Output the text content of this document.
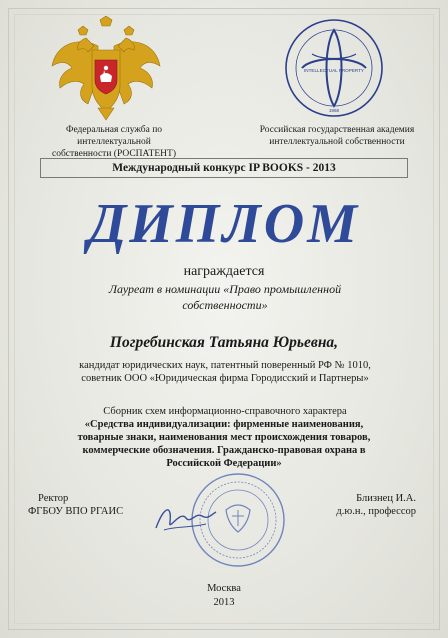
INTELLECTUAL PROPERTY
1968
Федеральная служба по интеллектуальной
собственности (РОСПАТЕНТ)
Российская государственная академия
интеллектуальной собственности
Международный конкурс IP BOOKS - 2013
ДИПЛОМ
награждается
Лауреат в номинации «Право промышленной
собственности»
Погребинская Татьяна Юрьевна,
кандидат юридических наук, патентный поверенный РФ № 1010,
советник ООО «Юридическая фирма Городисский и Партнеры»
Сборник схем информационно-справочного характера
«Средства индивидуализации: фирменные наименования,
товарные знаки, наименования мест происхождения товаров,
коммерческие обозначения. Гражданско-правовая охрана в
Российской Федерации»
Ректор
ФГБОУ ВПО РГАИС
Близнец И.А.
д.ю.н., профессор
Москва
2013
